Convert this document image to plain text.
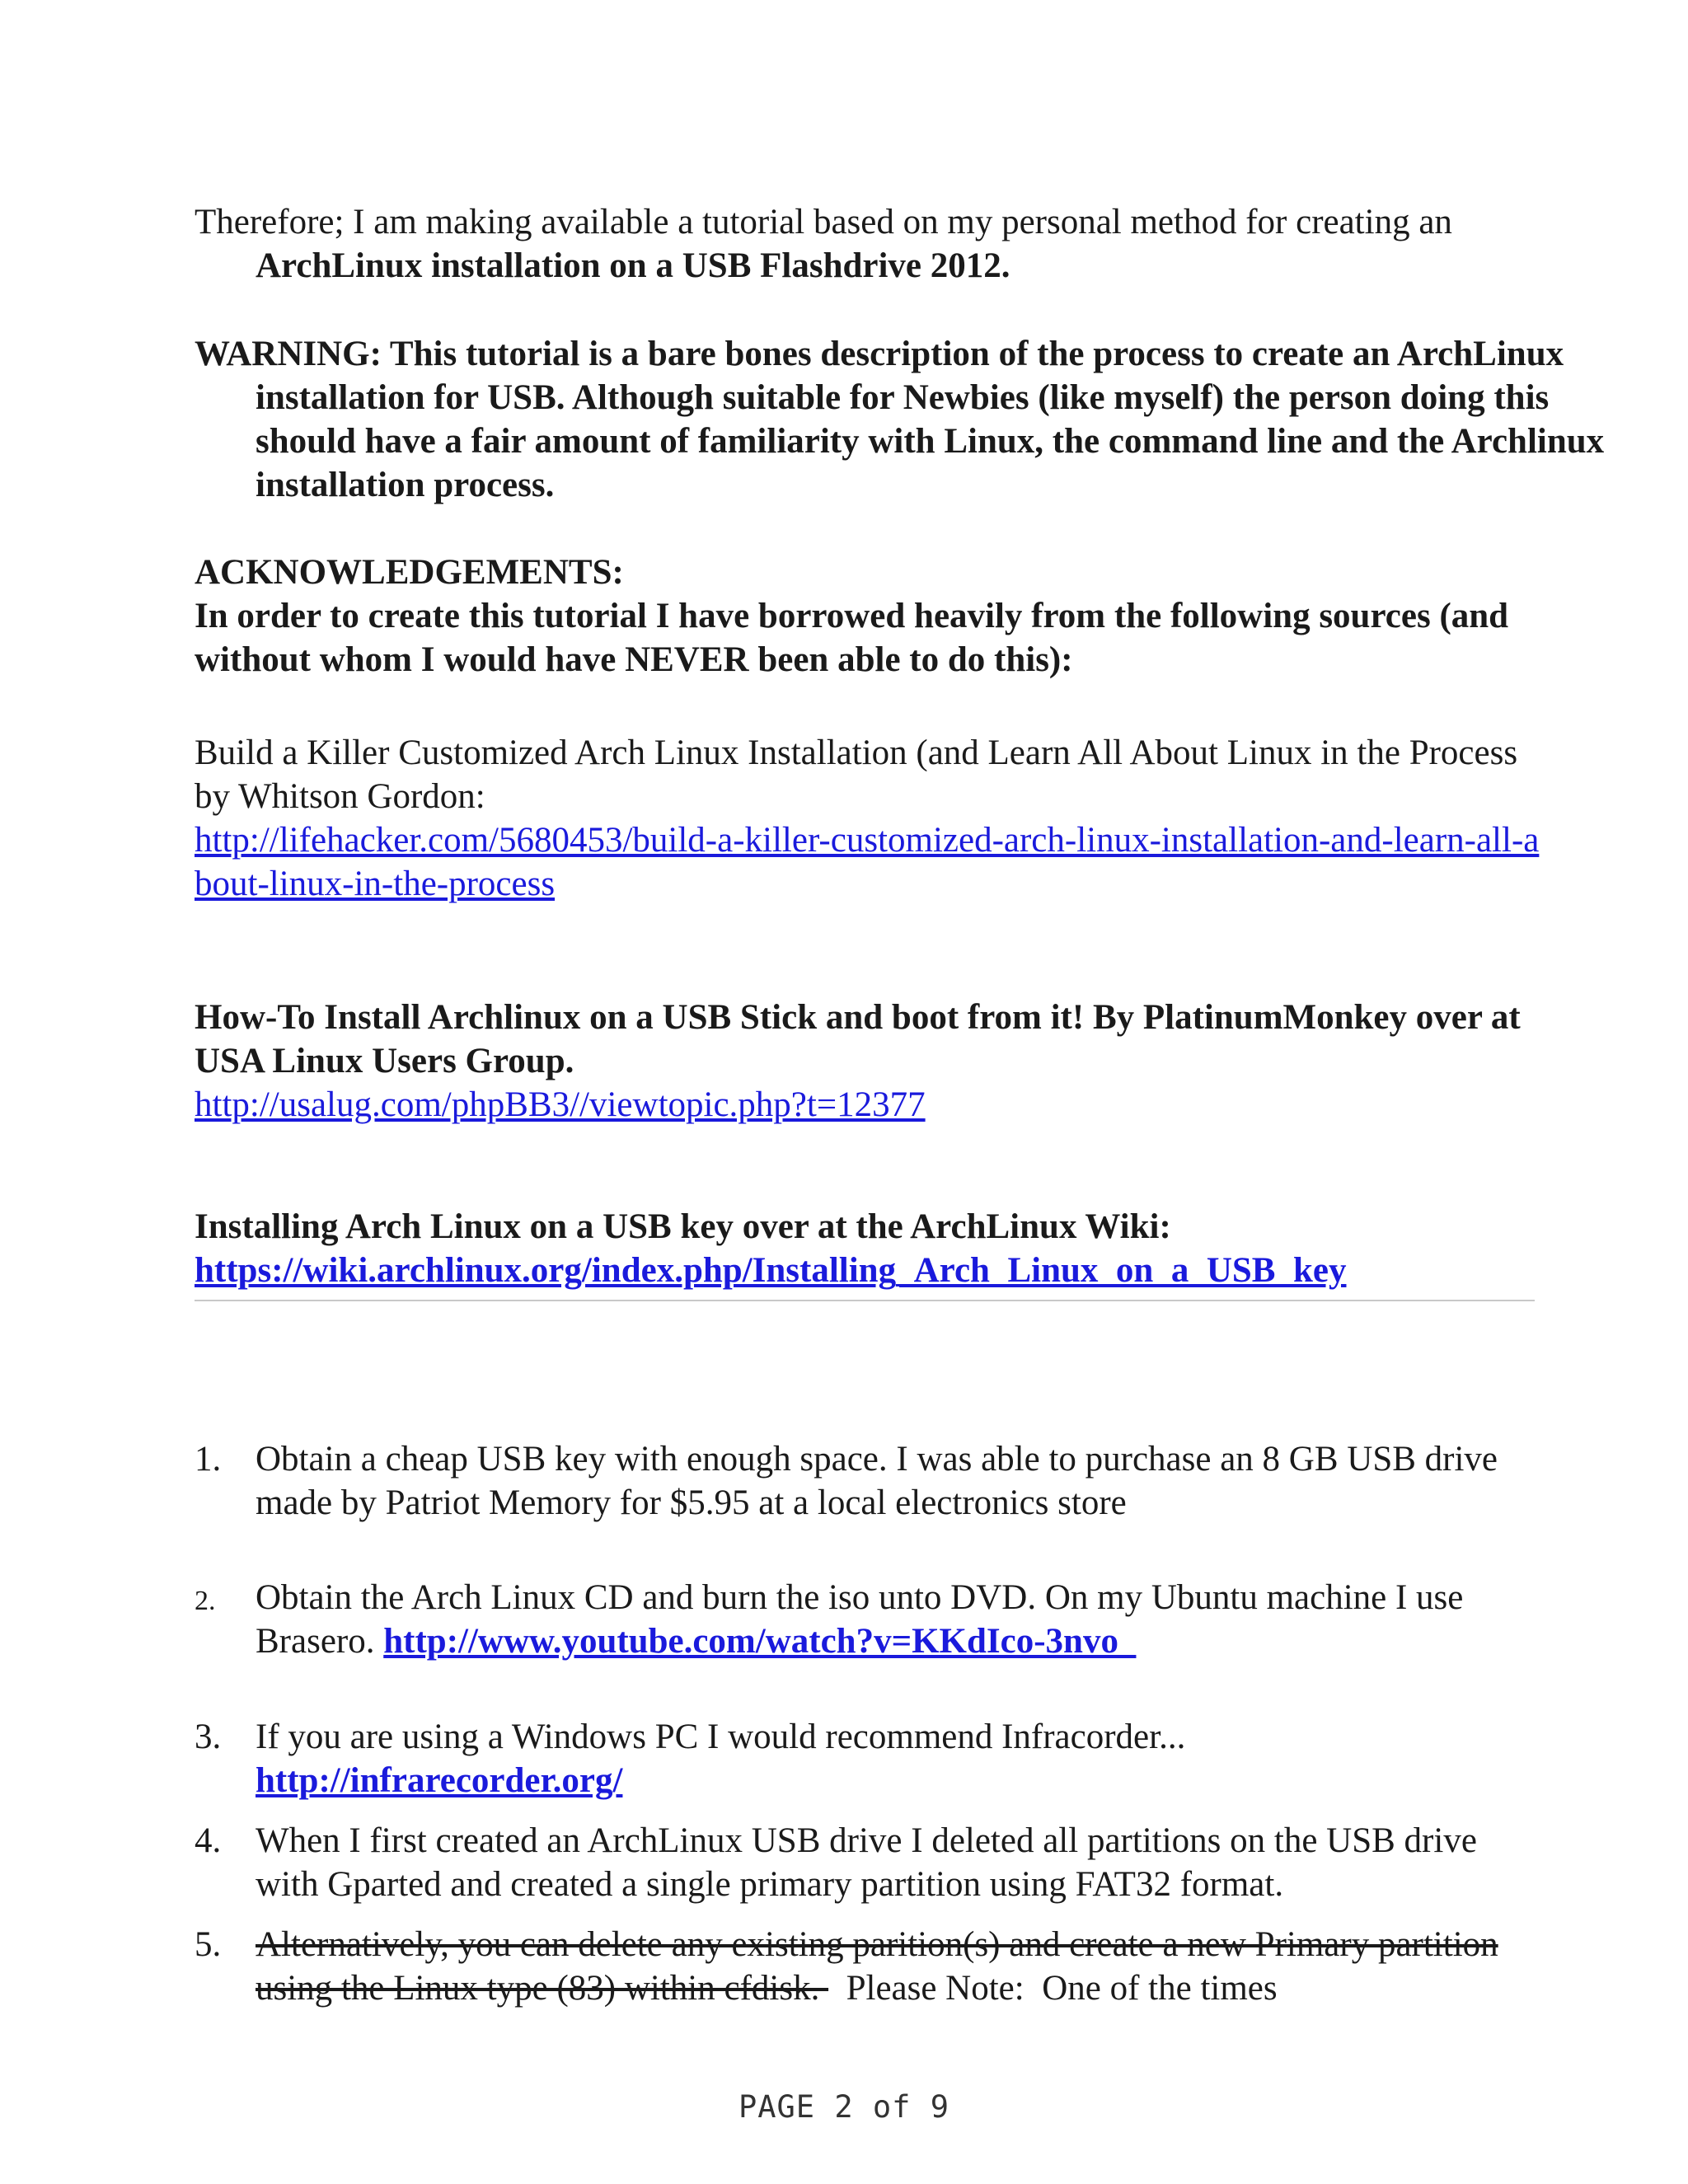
Therefore; I am making available a tutorial based on my personal method for creating an ArchLinux installation on a USB Flashdrive 2012.

WARNING: This tutorial is a bare bones description of the process to create an ArchLinux installation for USB. Although suitable for Newbies (like myself) the person doing this should have a fair amount of familiarity with Linux, the command line and the Archlinux installation process.

ACKNOWLEDGEMENTS:

In order to create this tutorial I have borrowed heavily from the following sources (and without whom I would have NEVER been able to do this):

Build a Killer Customized Arch Linux Installation (and Learn All About Linux in the Process by Whitson Gordon:

http://lifehacker.com/5680453/build-a-killer-customized-arch-linux-installation-and-learn-all-about-linux-in-the-process

How-To Install Archlinux on a USB Stick and boot from it! By PlatinumMonkey over at USA Linux Users Group.

http://usalug.com/phpBB3//viewtopic.php?t=12377

Installing Arch Linux on a USB key over at the ArchLinux Wiki:

https://wiki.archlinux.org/index.php/Installing_Arch_Linux_on_a_USB_key
1. Obtain a cheap USB key with enough space. I was able to purchase an 8 GB USB drive made by Patriot Memory for $5.95 at a local electronics store
2.	Obtain the Arch Linux CD and burn the iso unto DVD. On my Ubuntu machine I use Brasero. http://www.youtube.com/watch?v=KKdIco-3nvo
3. If you are using a Windows PC I would recommend Infracorder...
http://infrarecorder.org/
4. When I first created an ArchLinux USB drive I deleted all partitions on the USB drive with Gparted and created a single primary partition using FAT32 format.
5. Alternatively, you can delete any existing parition(s) and create a new Primary partition using the Linux type (83) within cfdisk.   Please Note:  One of the times
PAGE 2 of 9
